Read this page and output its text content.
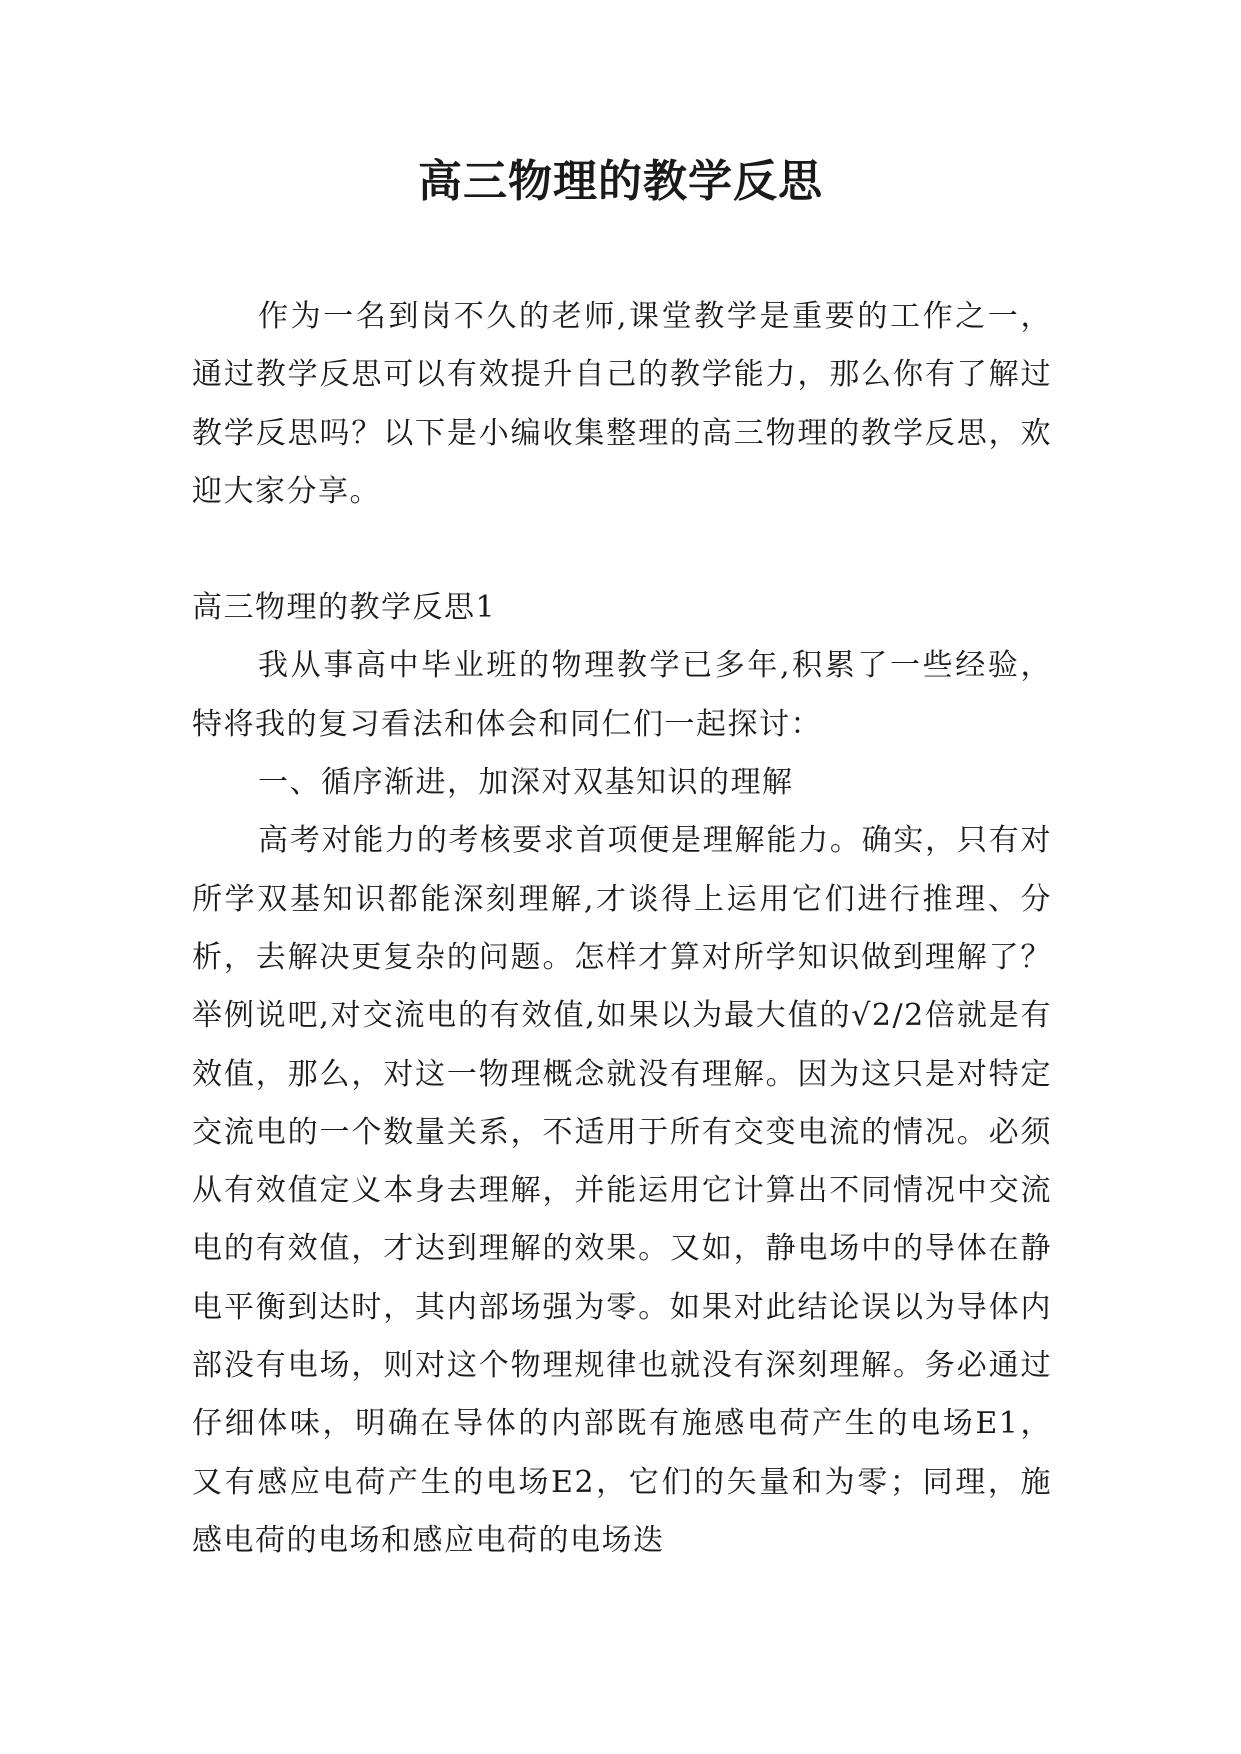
高三物理的教学反思

作为一名到岗不久的老师,课堂教学是重要的工作之一，通过教学反思可以有效提升自己的教学能力，那么你有了解过教学反思吗？以下是小编收集整理的高三物理的教学反思，欢迎大家分享。

高三物理的教学反思1

我从事高中毕业班的物理教学已多年,积累了一些经验，特将我的复习看法和体会和同仁们一起探讨：

一、循序渐进，加深对双基知识的理解

高考对能力的考核要求首项便是理解能力。确实，只有对所学双基知识都能深刻理解,才谈得上运用它们进行推理、分析，去解决更复杂的问题。怎样才算对所学知识做到理解了？举例说吧,对交流电的有效值,如果以为最大值的√2/2倍就是有效值，那么，对这一物理概念就没有理解。因为这只是对特定交流电的一个数量关系，不适用于所有交变电流的情况。必须从有效值定义本身去理解，并能运用它计算出不同情况中交流电的有效值，才达到理解的效果。又如，静电场中的导体在静电平衡到达时，其内部场强为零。如果对此结论误以为导体内部没有电场，则对这个物理规律也就没有深刻理解。务必通过仔细体味，明确在导体的内部既有施感电荷产生的电场E1，又有感应电荷产生的电场E2，它们的矢量和为零；同理，施感电荷的电场和感应电荷的电场迭
